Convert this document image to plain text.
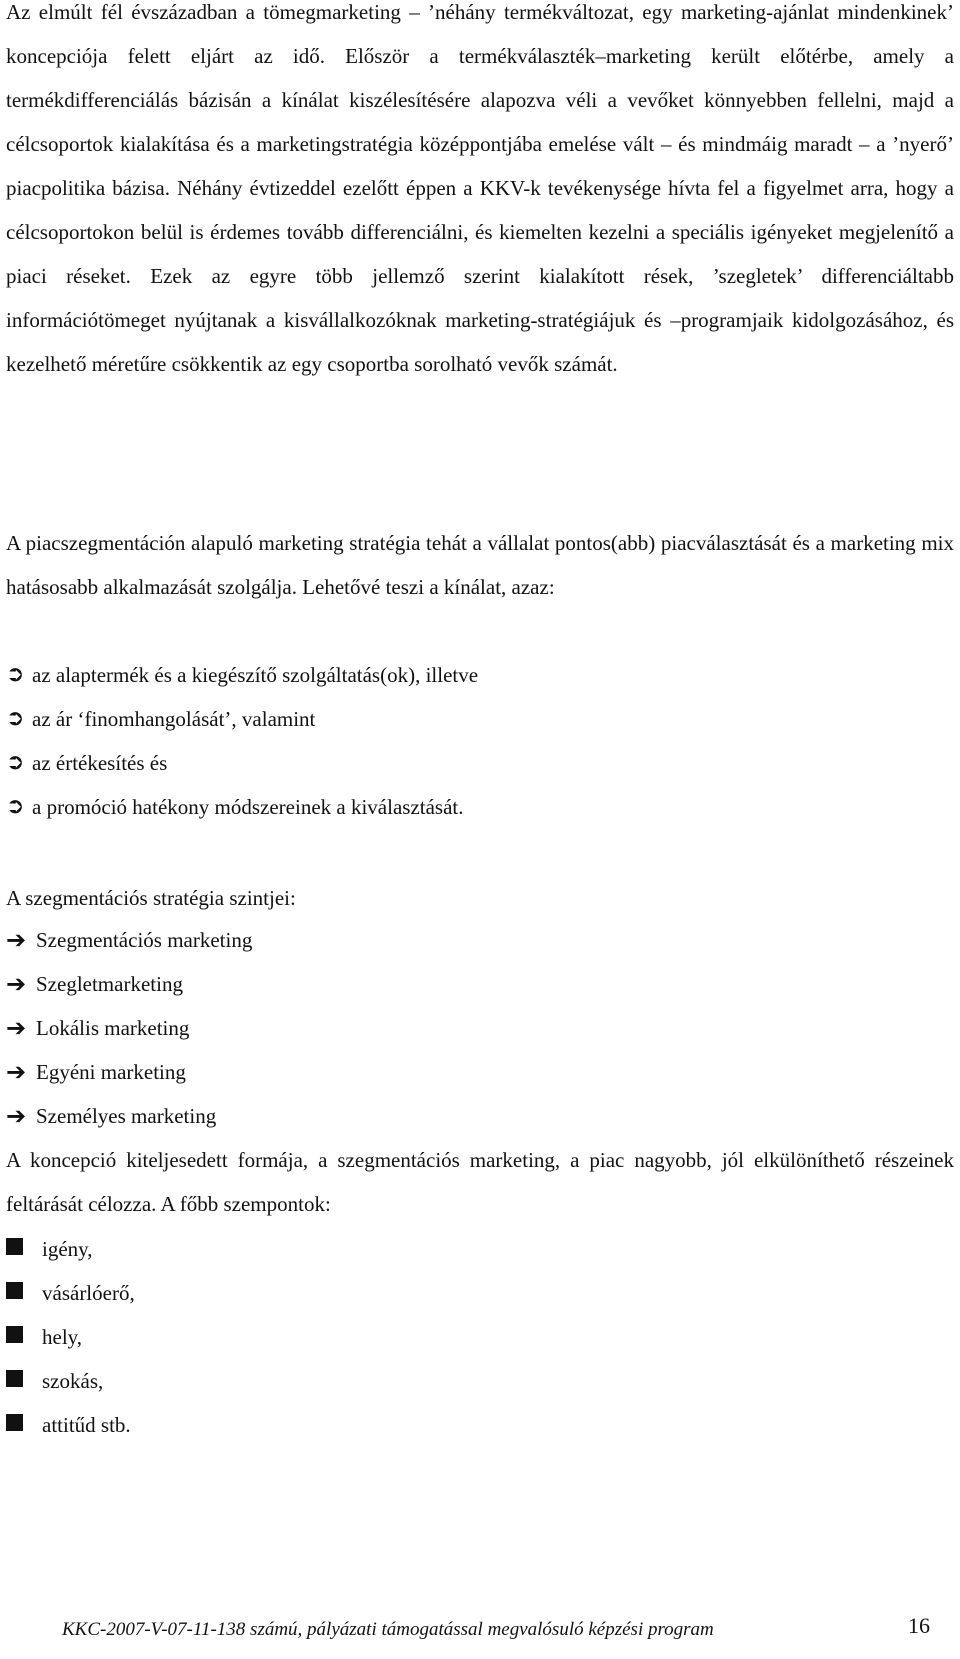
Az elmúlt fél évszázadban a tömegmarketing – ’néhány termékváltozat, egy marketing-ajánlat mindenkinek’ koncepciója felett eljárt az idő. Először a termékválaszték–marketing került előtérbe, amely a termékdifferenciálás bázisán a kínálat kiszélesítésére alapozva véli a vevőket könnyebben fellelni, majd a célcsoportok kialakítása és a marketingstratégia középpontjába emelése vált – és mindmáig maradt – a ’nyerő’ piacpolitika bázisa. Néhány évtizeddel ezelőtt éppen a KKV-k tevékenysége hívta fel a figyelmet arra, hogy a célcsoportokon belül is érdemes tovább differenciálni, és kiemelten kezelni a speciális igényeket megjelenítő a piaci réseket. Ezek az egyre több jellemző szerint kialakított rések, ’szegletek’ differenciáltabb információtömeget nyújtanak a kisvállalkozóknak marketing-stratégiájuk és –programjaik kidolgozásához, és kezelhető méretűre csökkentik az egy csoportba sorolható vevők számát.

A piacszegmentáción alapuló marketing stratégia tehát a vállalat pontos(abb) piacválasztását és a marketing mix hatásosabb alkalmazását szolgálja. Lehetővé teszi a kínálat, azaz:

➲ az alaptermék és a kiegészítő szolgáltatás(ok), illetve
➲ az ár ‘finomhangolását’, valamint
➲ az értékesítés és
➲ a promóció hatékony módszereinek a kiválasztását.

A szegmentációs stratégia szintjei:

➔ Szegmentációs marketing
➔ Szegletmarketing
➔ Lokális marketing
➔ Egyéni marketing
➔ Személyes marketing

A koncepció kiteljesedett formája, a szegmentációs marketing, a piac nagyobb, jól elkülöníthető részeinek feltárását célozza. A főbb szempontok:

igény,
vásárlóerő,
hely,
szokás,
attitűd stb.
KKC-2007-V-07-11-138 számú, pályázati támogatással megvalósuló képzési program	16
